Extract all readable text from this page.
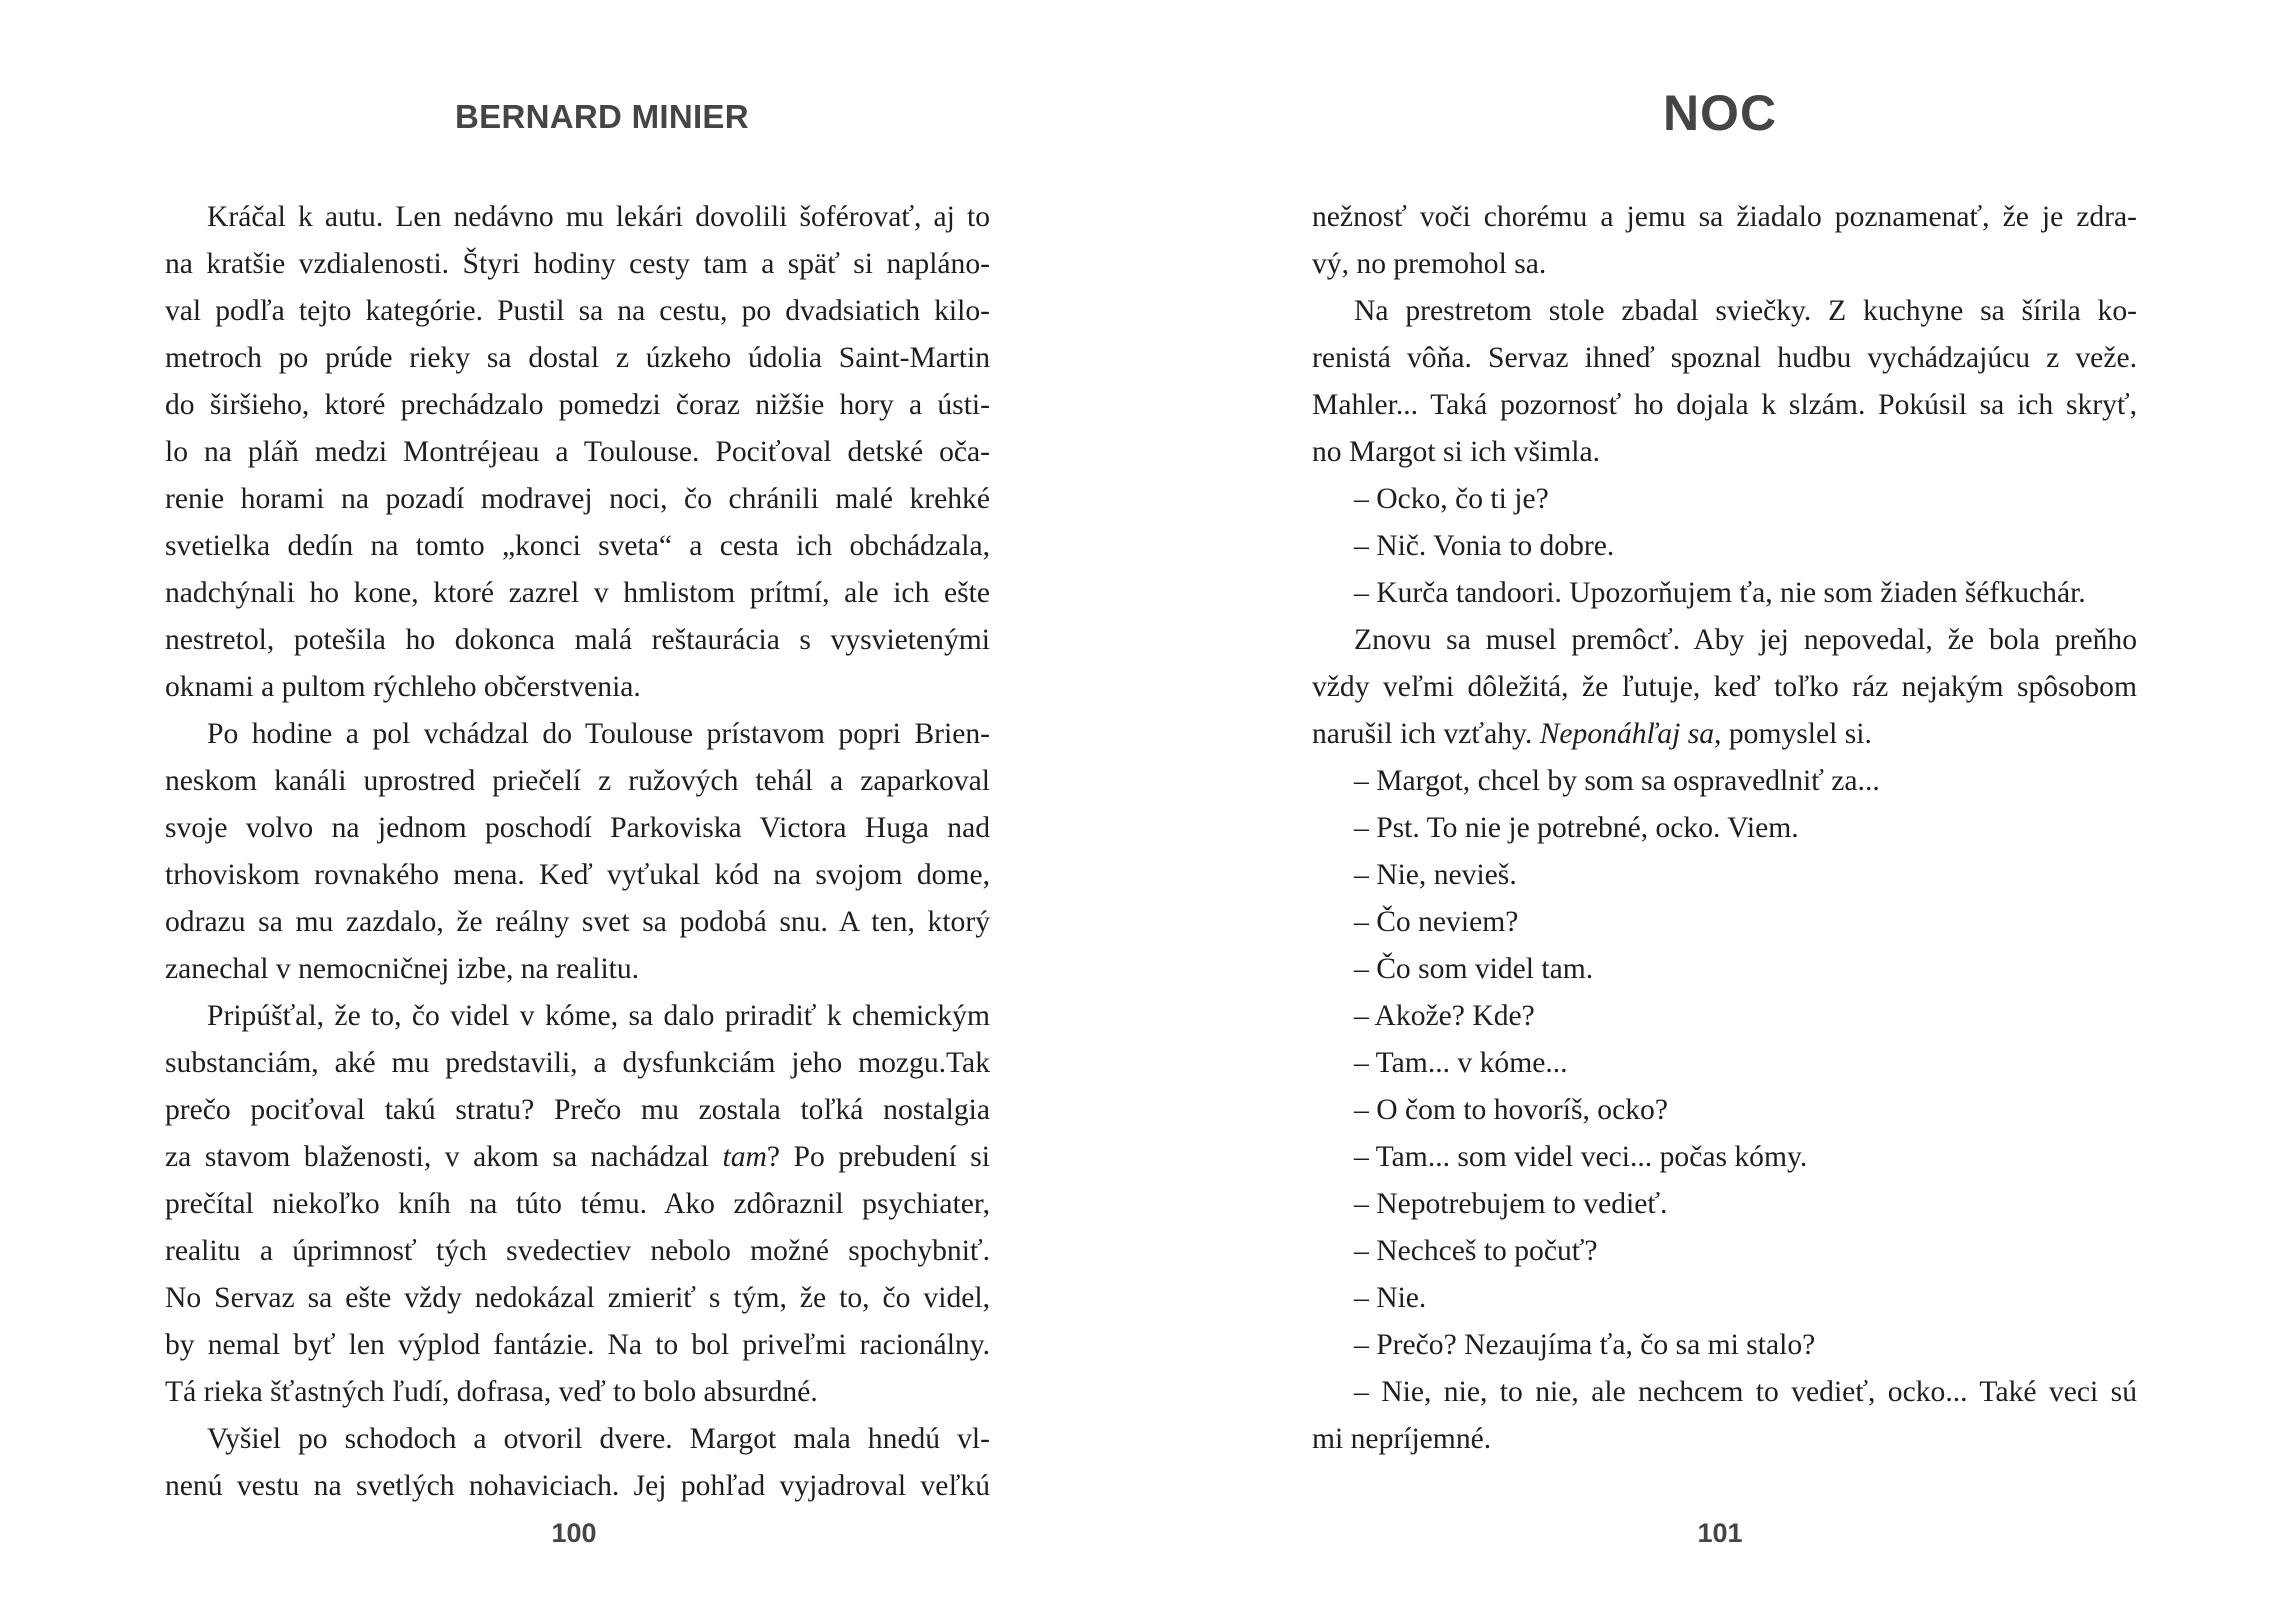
BERNARD MINIER

Kráčal k autu. Len nedávno mu lekári dovolili šoférovať, aj to
na kratšie vzdialenosti. Štyri hodiny cesty tam a späť si naplánο-
val podľa tejto kategórie. Pustil sa na cestu, po dvadsiatich kilo-
metroch po prúde rieky sa dostal z úzkeho údolia Saint-Martin
do širšieho, ktoré prechádzalo pomedzi čoraz nižšie hory a ústi-
lo na pláň medzi Montréjeau a Toulouse. Pociťoval detské oča-
renie horami na pozadí modravej noci, čo chránili malé krehké
svetielka dedín na tomto „konci sveta“ a cesta ich obchádzala,
nadchýnali ho kone, ktoré zazrel v hmlistom prítmí, ale ich ešte
nestretol, potešila ho dokonca malá reštaurácia s vysvietenými
oknami a pultom rýchleho občerstvenia.
Po hodine a pol vchádzal do Toulouse prístavom popri Brien-
neskom kanáli uprostred priečelí z ružových tehál a zaparkoval
svoje volvo na jednom poschodí Parkoviska Victora Huga nad
trhoviskom rovnakého mena. Keď vyťukal kód na svojom dome,
odrazu sa mu zazdalo, že reálny svet sa podobá snu. A ten, ktorý
zanechal v nemocničnej izbe, na realitu.
Pripúšťal, že to, čo videl v kóme, sa dalo priradiť k chemickým
substanciám, aké mu predstavili, a dysfunkciám jeho mozgu.Tak
prečo pociťoval takú stratu? Prečo mu zostala toľká nostalgia
za stavom blaženosti, v akom sa nachádzal tam? Po prebudení si
prečítal niekoľko kníh na túto tému. Ako zdôraznil psychiater,
realitu a úprimnosť tých svedectiev nebolo možné spochybniť.
No Servaz sa ešte vždy nedokázal zmieriť s tým, že to, čo videl,
by nemal byť len výplod fantázie. Na to bol priveľmi racionálny.
Tá rieka šťastných ľudí, dofrasa, veď to bolo absurdné.
Vyšiel po schodoch a otvoril dvere. Margot mala hnedú vl-
nenú vestu na svetlých nohaviciach. Jej pohľad vyjadroval veľkú

100

NOC

nežnosť voči chorému a jemu sa žiadalo poznamenať, že je zdra-
vý, no premohol sa.
Na prestretom stole zbadal sviečky. Z kuchyne sa šírila ko-
renistá vôňa. Servaz ihneď spoznal hudbu vychádzajúcu z veže.
Mahler... Taká pozornosť ho dojala k slzám. Pokúsil sa ich skryť,
no Margot si ich všimla.
– Ocko, čo ti je?
– Nič. Vonia to dobre.
– Kurča tandoori. Upozorňujem ťa, nie som žiaden šéfkuchár.
Znovu sa musel premôcť. Aby jej nepovedal, že bola preňho
vždy veľmi dôležitá, že ľutuje, keď toľko ráz nejakým spôsobom
narušil ich vzťahy. Neponáhľaj sa, pomyslel si.
– Margot, chcel by som sa ospravedlniť za...
– Pst. To nie je potrebné, ocko. Viem.
– Nie, nevieš.
– Čo neviem?
– Čo som videl tam.
– Akože? Kde?
– Tam... v kóme...
– O čom to hovoríš, ocko?
– Tam... som videl veci... počas kómy.
– Nepotrebujem to vedieť.
– Nechceš to počuť?
– Nie.
– Prečo? Nezaujíma ťa, čo sa mi stalo?
– Nie, nie, to nie, ale nechcem to vedieť, ocko... Také veci sú
mi nepríjemné.

101
